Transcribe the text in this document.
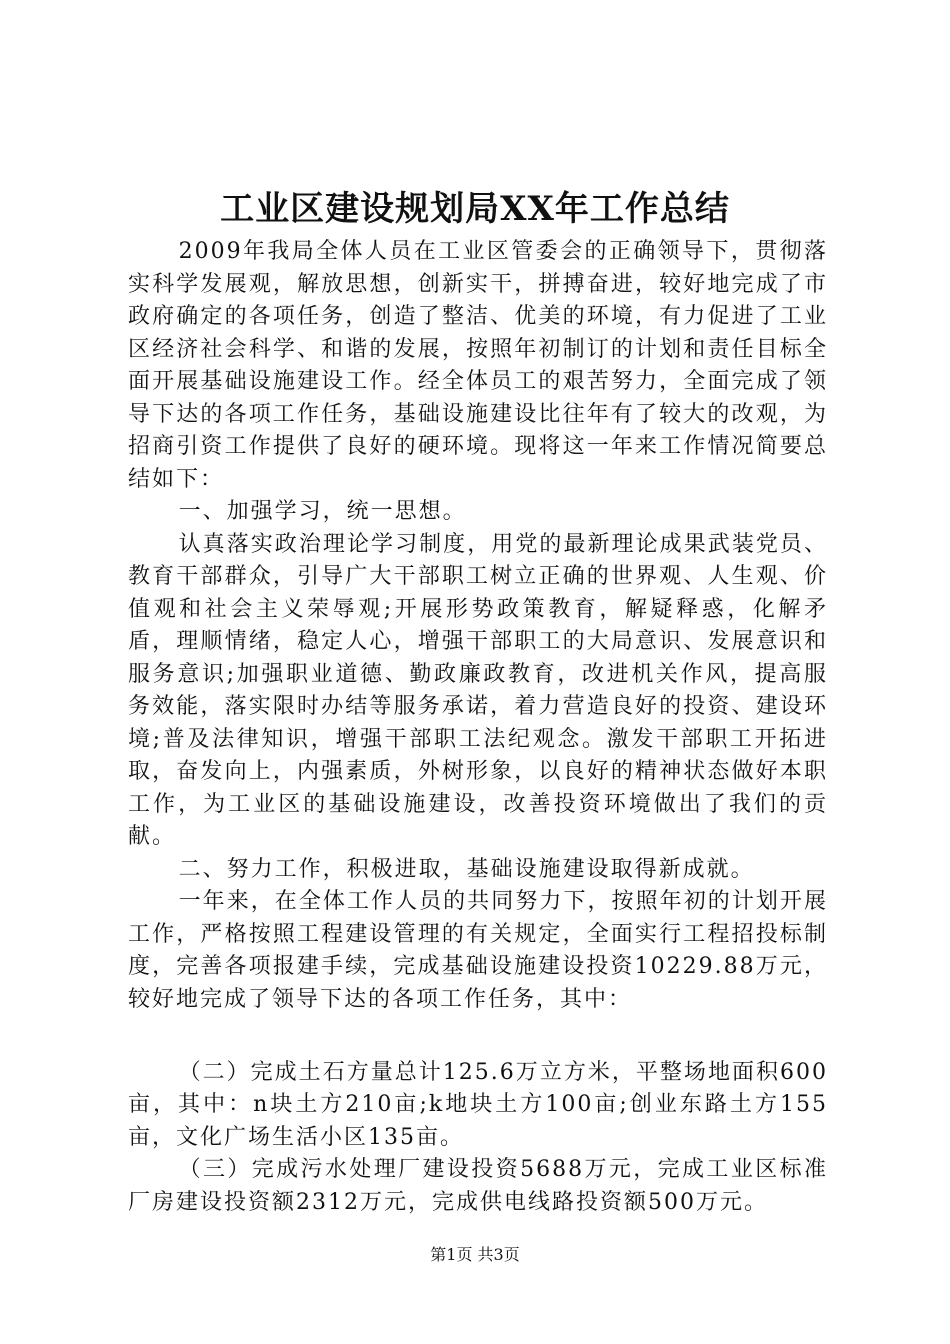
工业区建设规划局XX年工作总结

2009年我局全体人员在工业区管委会的正确领导下，贯彻落实科学发展观，解放思想，创新实干，拼搏奋进，较好地完成了市政府确定的各项任务，创造了整洁、优美的环境，有力促进了工业区经济社会科学、和谐的发展，按照年初制订的计划和责任目标全面开展基础设施建设工作。经全体员工的艰苦努力，全面完成了领导下达的各项工作任务，基础设施建设比往年有了较大的改观，为招商引资工作提供了良好的硬环境。现将这一年来工作情况简要总结如下：

一、加强学习，统一思想。

认真落实政治理论学习制度，用党的最新理论成果武装党员、教育干部群众，引导广大干部职工树立正确的世界观、人生观、价值观和社会主义荣辱观;开展形势政策教育，解疑释惑，化解矛盾，理顺情绪，稳定人心，增强干部职工的大局意识、发展意识和服务意识;加强职业道德、勤政廉政教育，改进机关作风，提高服务效能，落实限时办结等服务承诺，着力营造良好的投资、建设环境;普及法律知识，增强干部职工法纪观念。激发干部职工开拓进取，奋发向上，内强素质，外树形象，以良好的精神状态做好本职工作，为工业区的基础设施建设，改善投资环境做出了我们的贡献。

二、努力工作，积极进取，基础设施建设取得新成就。

一年来，在全体工作人员的共同努力下，按照年初的计划开展工作，严格按照工程建设管理的有关规定，全面实行工程招投标制度，完善各项报建手续，完成基础设施建设投资10229.88万元，较好地完成了领导下达的各项工作任务，其中：

（二）完成土石方量总计125.6万立方米，平整场地面积600亩，其中：n块土方210亩;k地块土方100亩;创业东路土方155亩，文化广场生活小区135亩。

（三）完成污水处理厂建设投资5688万元，完成工业区标准厂房建设投资额2312万元，完成供电线路投资额500万元。

第1页 共3页
